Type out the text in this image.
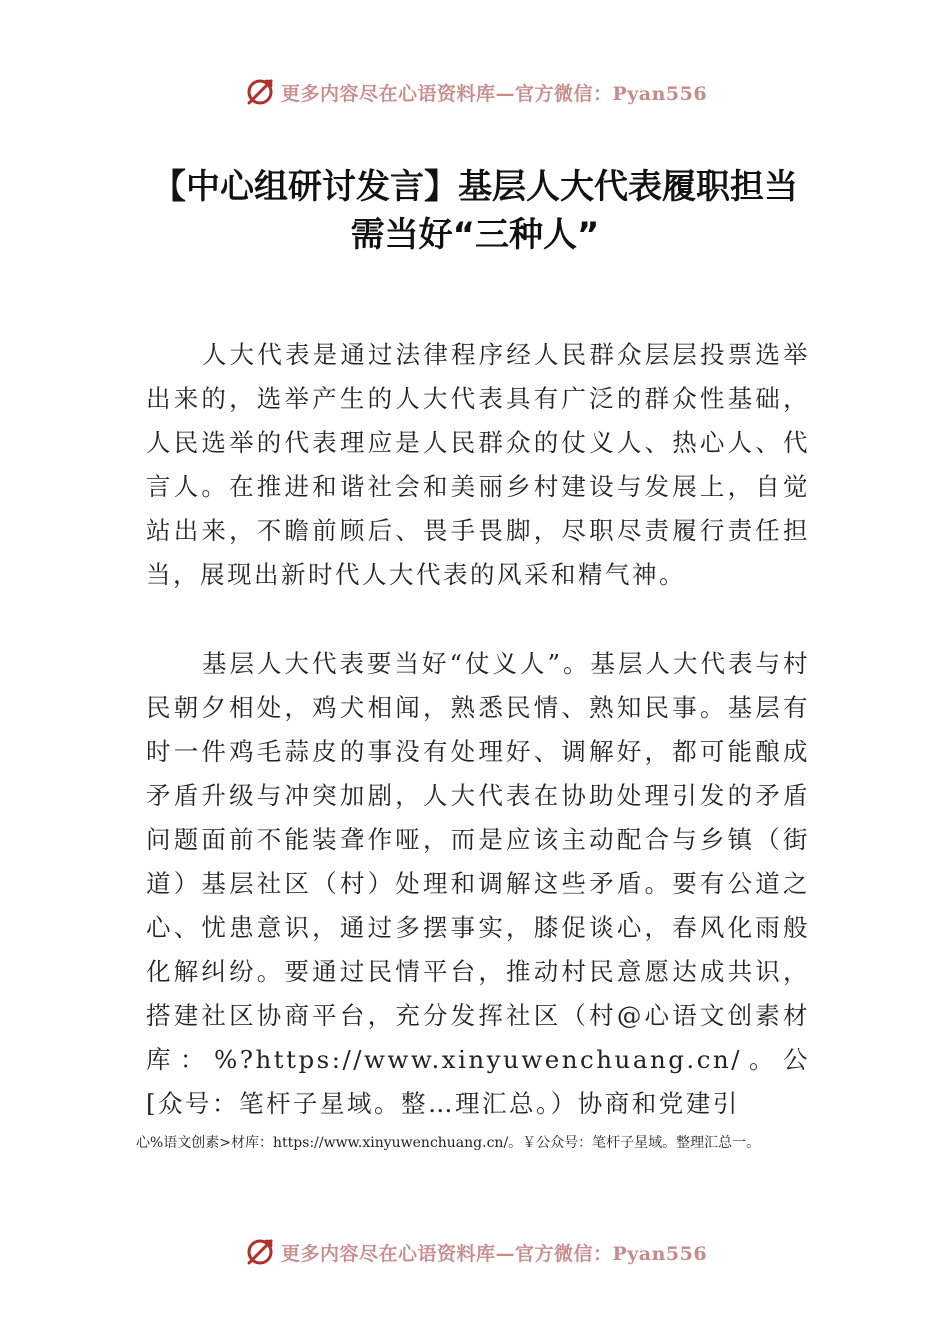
更多内容尽在心语资料库—官方微信：Pyan556
【中心组研讨发言】基层人大代表履职担当
需当好“三种人”

人大代表是通过法律程序经人民群众层层投票选举出来的，选举产生的人大代表具有广泛的群众性基础，人民选举的代表理应是人民群众的仗义人、热心人、代言人。在推进和谐社会和美丽乡村建设与发展上，自觉站出来，不瞻前顾后、畏手畏脚，尽职尽责履行责任担当，展现出新时代人大代表的风采和精气神。

基层人大代表要当好“仗义人”。基层人大代表与村民朝夕相处，鸡犬相闻，熟悉民情、熟知民事。基层有时一件鸡毛蒜皮的事没有处理好、调解好，都可能酿成矛盾升级与冲突加剧，人大代表在协助处理引发的矛盾问题面前不能装聋作哑，而是应该主动配合与乡镇（街道）基层社区（村）处理和调解这些矛盾。要有公道之心、忧患意识，通过多摆事实，膝促谈心，春风化雨般化解纠纷。要通过民情平台，推动村民意愿达成共识， 搭建社区协商平台，充分发挥社区（村@心语文创素材库：%?https://www.xinyuwenchuang.cn/。公[众号：笔杆子星域。整…理汇总。）协商和党建引

心%语文创素>材库：https://www.xinyuwenchuang.cn/。￥公众号：笔杆子星域。整理汇总一。

更多内容尽在心语资料库—官方微信：Pyan556
